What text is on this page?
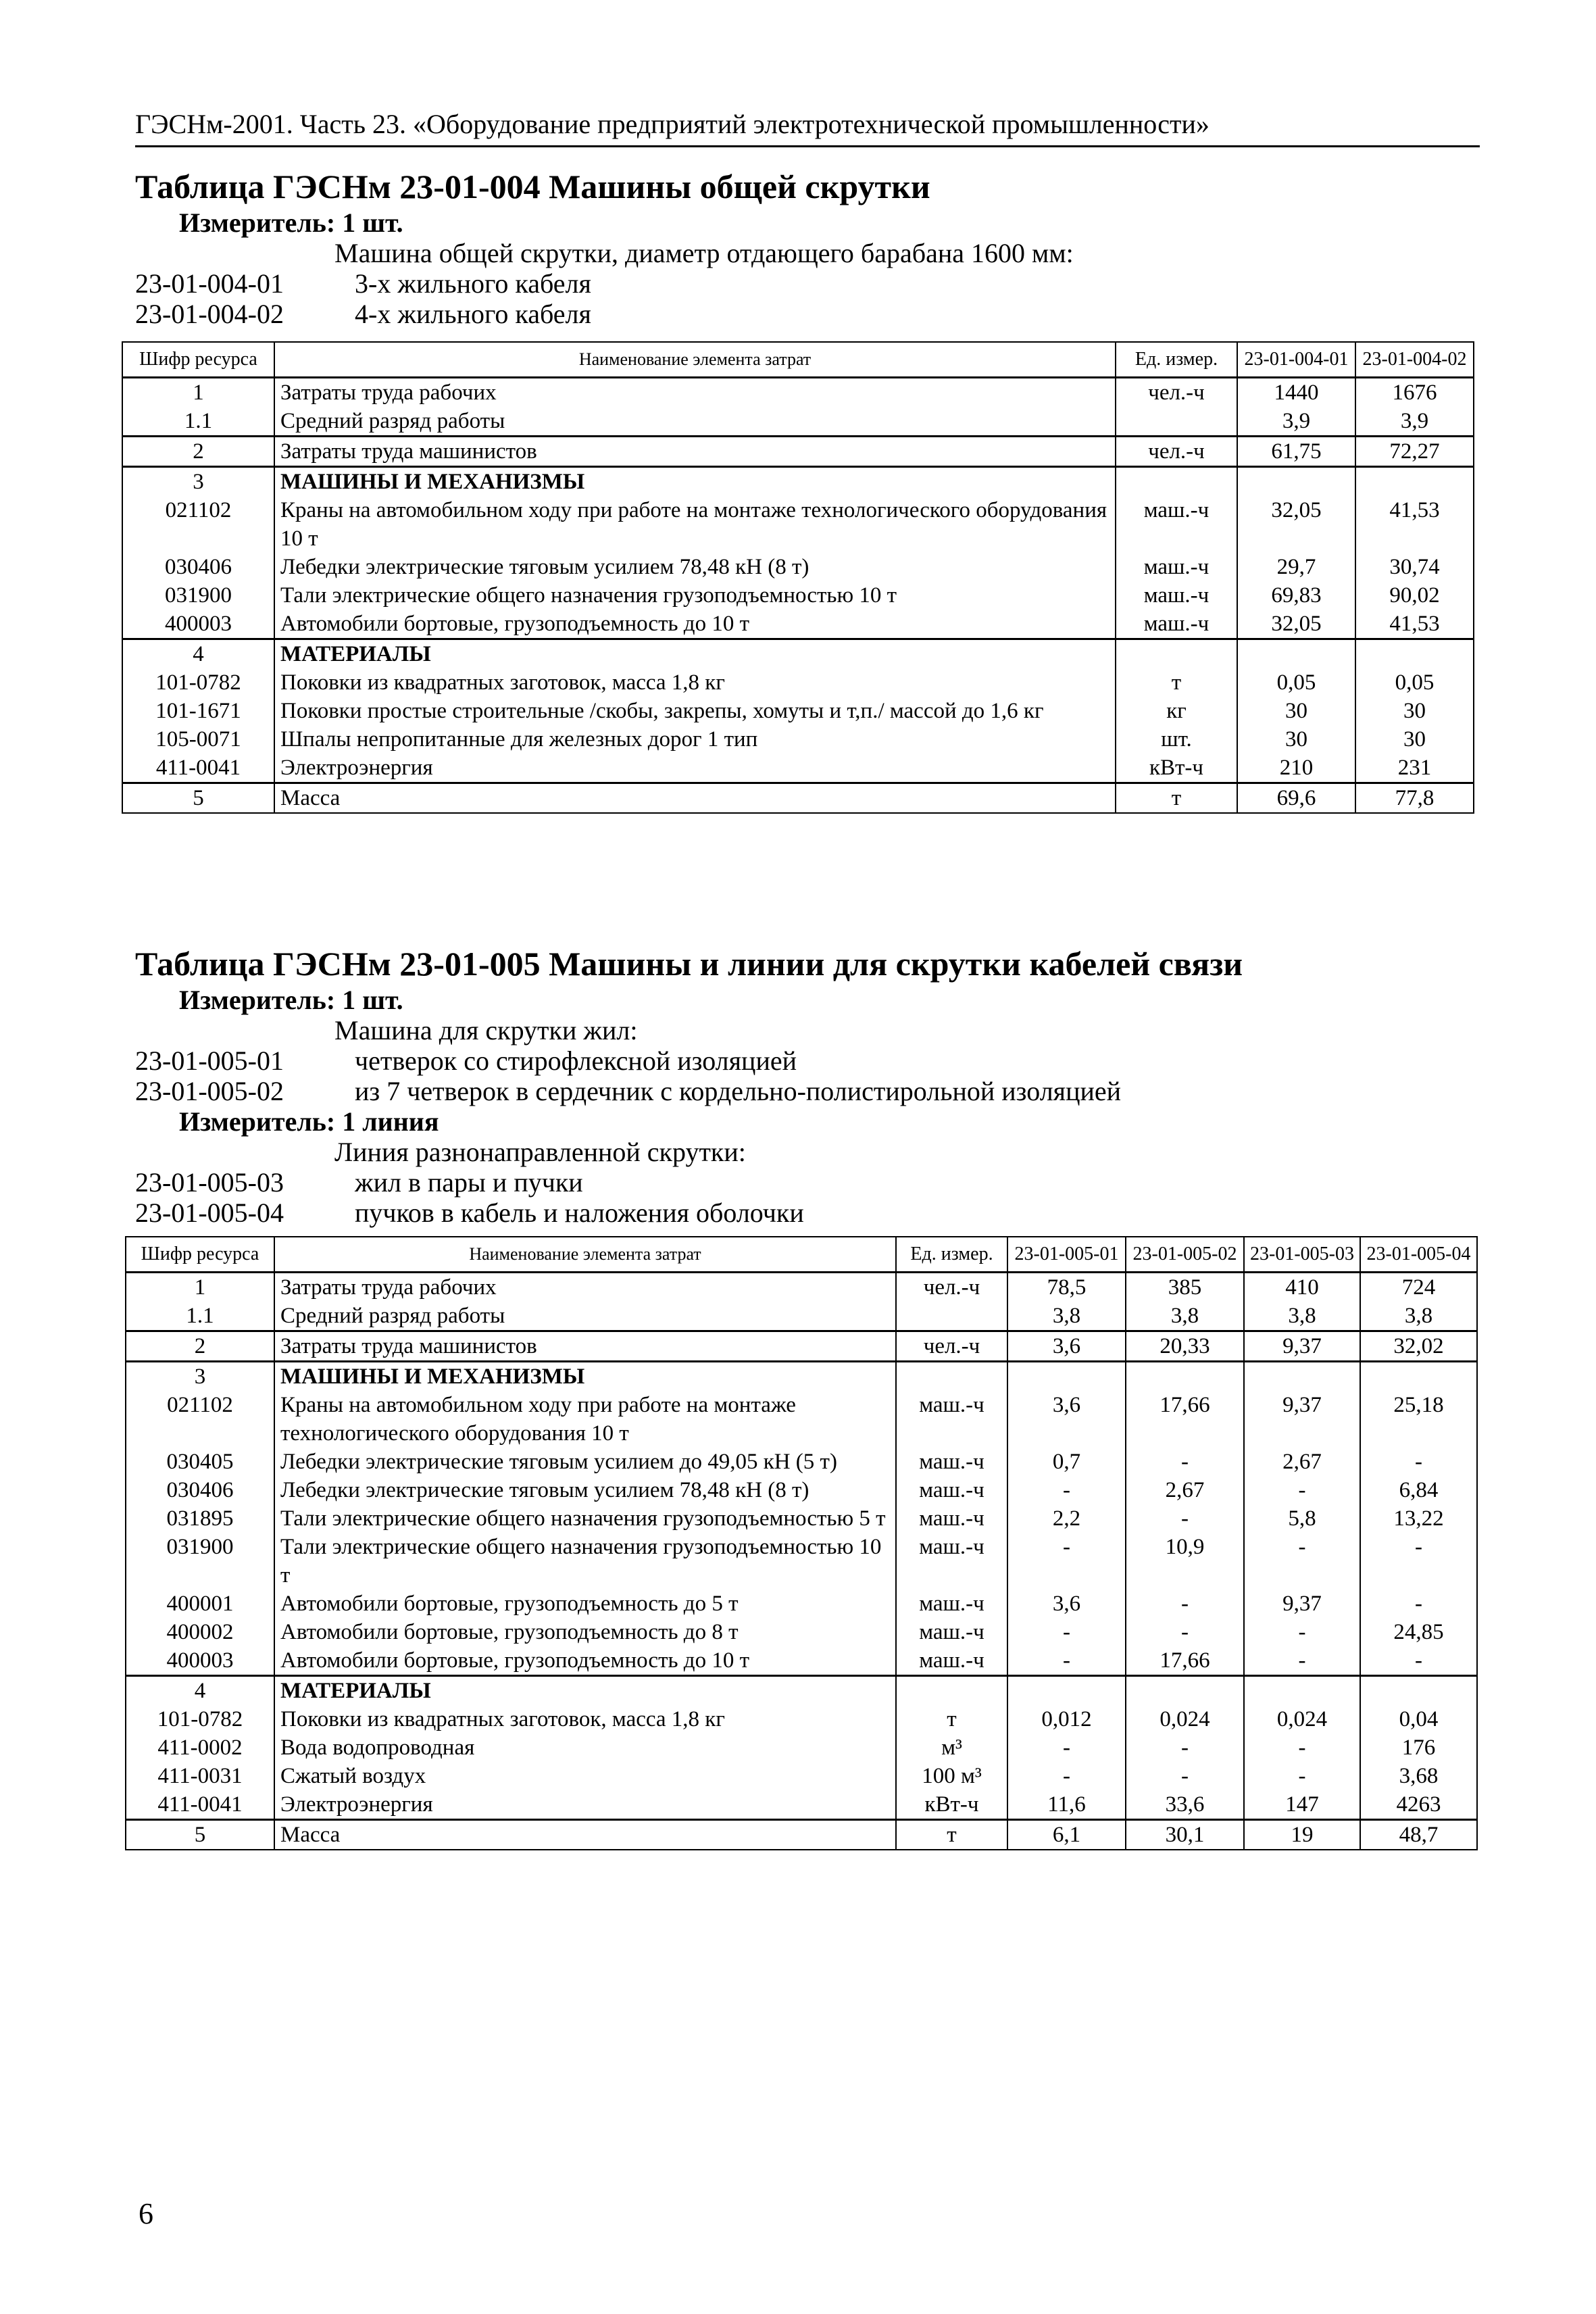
ГЭСНм-2001. Часть 23. «Оборудование предприятий электротехнической промышленности»
Таблица ГЭСНм 23-01-004 Машины общей скрутки
Измеритель: 1 шт.
Машина общей скрутки, диаметр отдающего барабана 1600 мм:
23-01-004-01	3-х жильного кабеля
23-01-004-02	4-х жильного кабеля
Шифр ресурса	Наименование элемента затрат	Ед. измер.	23-01-004-01	23-01-004-02
1	Затраты труда рабочих	чел.-ч	1440	1676
1.1	Средний разряд работы		3,9	3,9
2	Затраты труда машинистов	чел.-ч	61,75	72,27
3	МАШИНЫ И МЕХАНИЗМЫ			
021102	Краны на автомобильном ходу при работе на монтаже технологического оборудования 10 т	маш.-ч	32,05	41,53
030406	Лебедки электрические тяговым усилием 78,48 кН (8 т)	маш.-ч	29,7	30,74
031900	Тали электрические общего назначения грузоподъемностью 10 т	маш.-ч	69,83	90,02
400003	Автомобили бортовые, грузоподъемность до 10 т	маш.-ч	32,05	41,53
4	МАТЕРИАЛЫ			
101-0782	Поковки из квадратных заготовок, масса 1,8 кг	т	0,05	0,05
101-1671	Поковки простые строительные /скобы, закрепы, хомуты и т,п./ массой до 1,6 кг	кг	30	30
105-0071	Шпалы непропитанные для железных дорог 1 тип	шт.	30	30
411-0041	Электроэнергия	кВт-ч	210	231
5	Масса	т	69,6	77,8
Таблица ГЭСНм 23-01-005 Машины и линии для скрутки кабелей связи
Измеритель: 1 шт.
Машина для скрутки жил:
23-01-005-01	четверок со стирофлексной изоляцией
23-01-005-02	из 7 четверок в сердечник с кордельно-полистирольной изоляцией
Измеритель: 1 линия
Линия разнонаправленной скрутки:
23-01-005-03	жил в пары и пучки
23-01-005-04	пучков в кабель и наложения оболочки
Шифр ресурса	Наименование элемента затрат	Ед. измер.	23-01-005-01	23-01-005-02	23-01-005-03	23-01-005-04
1	Затраты труда рабочих	чел.-ч	78,5	385	410	724
1.1	Средний разряд работы		3,8	3,8	3,8	3,8
2	Затраты труда машинистов	чел.-ч	3,6	20,33	9,37	32,02
3	МАШИНЫ И МЕХАНИЗМЫ					
021102	Краны на автомобильном ходу при работе на монтаже технологического оборудования 10 т	маш.-ч	3,6	17,66	9,37	25,18
030405	Лебедки электрические тяговым усилием до 49,05 кН (5 т)	маш.-ч	0,7	-	2,67	-
030406	Лебедки электрические тяговым усилием 78,48 кН (8 т)	маш.-ч	-	2,67	-	6,84
031895	Тали электрические общего назначения грузоподъемностью 5 т	маш.-ч	2,2	-	5,8	13,22
031900	Тали электрические общего назначения грузоподъемностью 10 т	маш.-ч	-	10,9	-	-
400001	Автомобили бортовые, грузоподъемность до 5 т	маш.-ч	3,6	-	9,37	-
400002	Автомобили бортовые, грузоподъемность до 8 т	маш.-ч	-	-	-	24,85
400003	Автомобили бортовые, грузоподъемность до 10 т	маш.-ч	-	17,66	-	-
4	МАТЕРИАЛЫ					
101-0782	Поковки из квадратных заготовок, масса 1,8 кг	т	0,012	0,024	0,024	0,04
411-0002	Вода водопроводная	м³	-	-	-	176
411-0031	Сжатый воздух	100 м³	-	-	-	3,68
411-0041	Электроэнергия	кВт-ч	11,6	33,6	147	4263
5	Масса	т	6,1	30,1	19	48,7
6
